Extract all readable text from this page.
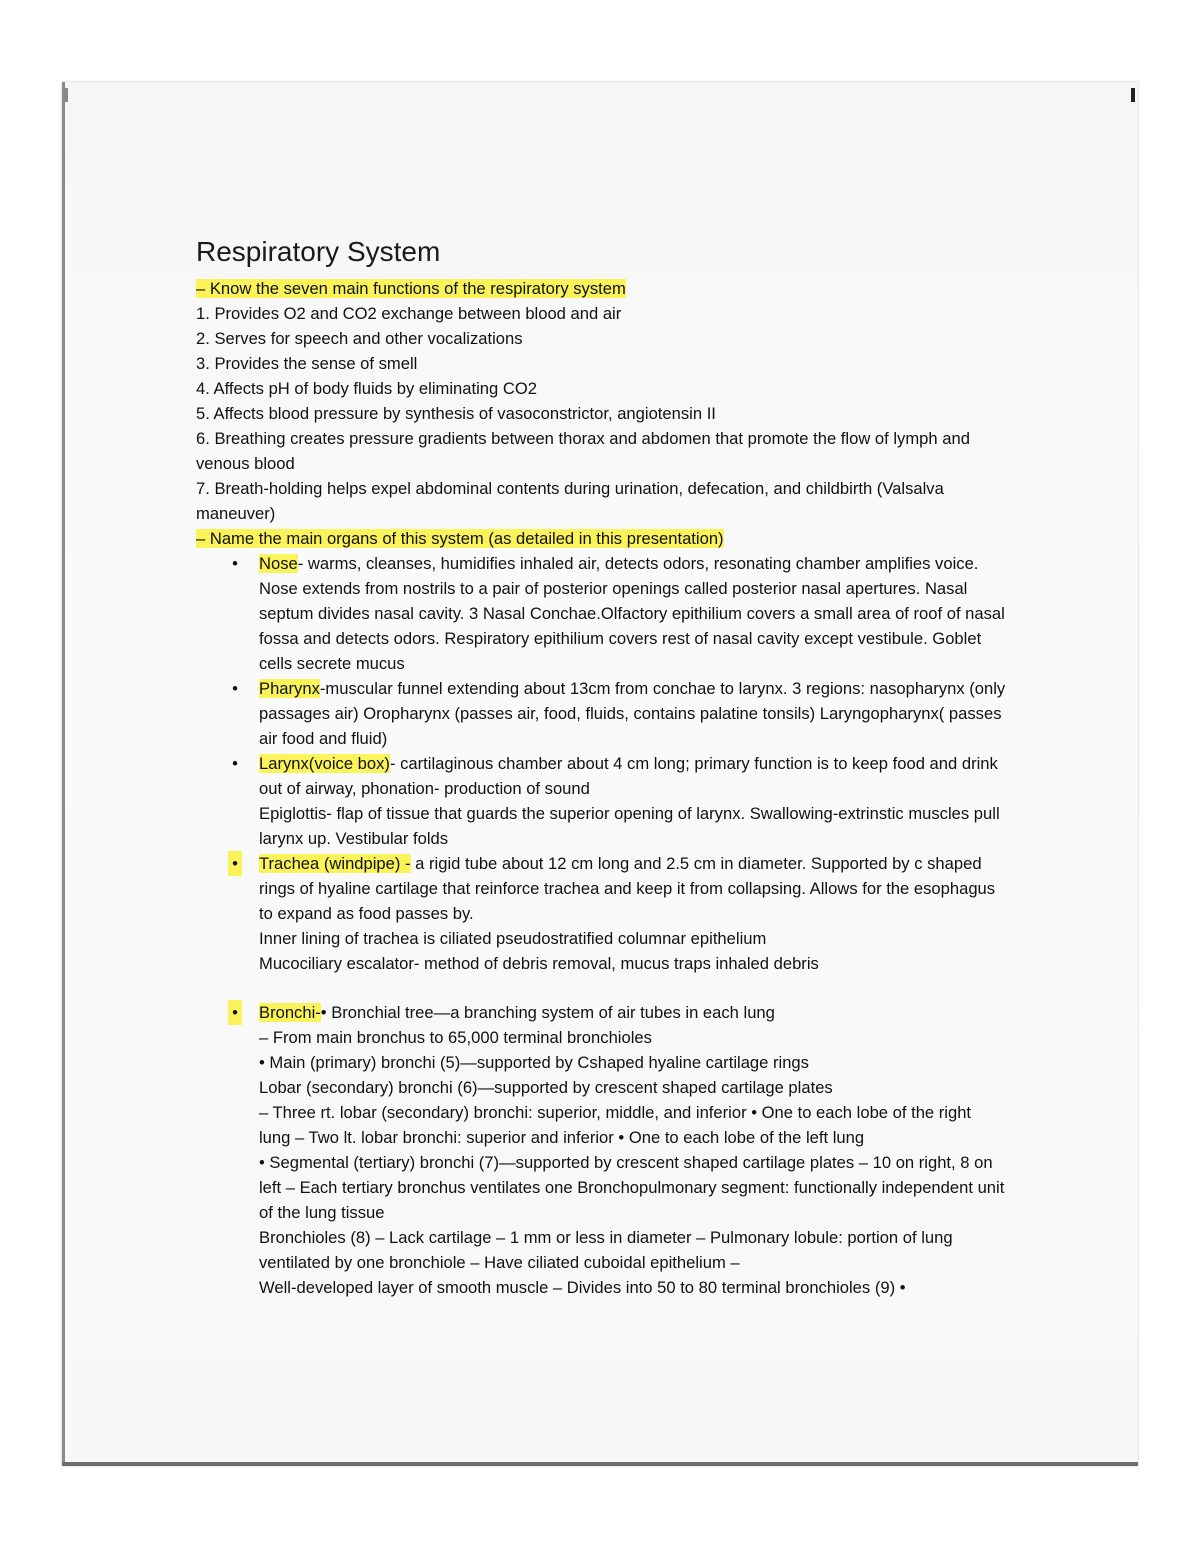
Respiratory System

– Know the seven main functions of the respiratory system

1. Provides O2 and CO2 exchange between blood and air

2. Serves for speech and other vocalizations

3. Provides the sense of smell

4. Affects pH of body fluids by eliminating CO2

5. Affects blood pressure by synthesis of vasoconstrictor, angiotensin II

6. Breathing creates pressure gradients between thorax and abdomen that promote the flow of lymph and venous blood

7. Breath-holding helps expel abdominal contents during urination, defecation, and childbirth (Valsalva maneuver)

– Name the main organs of this system (as detailed in this presentation)

• Nose- warms, cleanses, humidifies inhaled air, detects odors, resonating chamber amplifies voice. Nose extends from nostrils to a pair of posterior openings called posterior nasal apertures. Nasal septum divides nasal cavity. 3 Nasal Conchae.Olfactory epithilium covers a small area of roof of nasal fossa and detects odors. Respiratory epithilium covers rest of nasal cavity except vestibule. Goblet cells secrete mucus
• Pharynx-muscular funnel extending about 13cm from conchae to larynx. 3 regions: nasopharynx (only passages air) Oropharynx (passes air, food, fluids, contains palatine tonsils) Laryngopharynx( passes air food and fluid)
• Larynx(voice box)- cartilaginous chamber about 4 cm long; primary function is to keep food and drink out of airway, phonation- production of sound

Epiglottis- flap of tissue that guards the superior opening of larynx. Swallowing-extrinstic muscles pull larynx up. Vestibular folds

• Trachea (windpipe) - a rigid tube about 12 cm long and 2.5 cm in diameter. Supported by c shaped rings of hyaline cartilage that reinforce trachea and keep it from collapsing. Allows for the esophagus to expand as food passes by.

Inner lining of trachea is ciliated pseudostratified columnar epithelium

Mucociliary escalator- method of debris removal, mucus traps inhaled debris

• Bronchi-• Bronchial tree—a branching system of air tubes in each lung

– From main bronchus to 65,000 terminal bronchioles

• Main (primary) bronchi (5)—supported by Cshaped hyaline cartilage rings

Lobar (secondary) bronchi (6)—supported by crescent shaped cartilage plates

– Three rt. lobar (secondary) bronchi: superior, middle, and inferior • One to each lobe of the right lung – Two lt. lobar bronchi: superior and inferior • One to each lobe of the left lung

• Segmental (tertiary) bronchi (7)—supported by crescent shaped cartilage plates – 10 on right, 8 on left – Each tertiary bronchus ventilates one Bronchopulmonary segment: functionally independent unit of the lung tissue

Bronchioles (8) – Lack cartilage – 1 mm or less in diameter – Pulmonary lobule: portion of lung ventilated by one bronchiole – Have ciliated cuboidal epithelium –

Well-developed layer of smooth muscle – Divides into 50 to 80 terminal bronchioles (9) •
